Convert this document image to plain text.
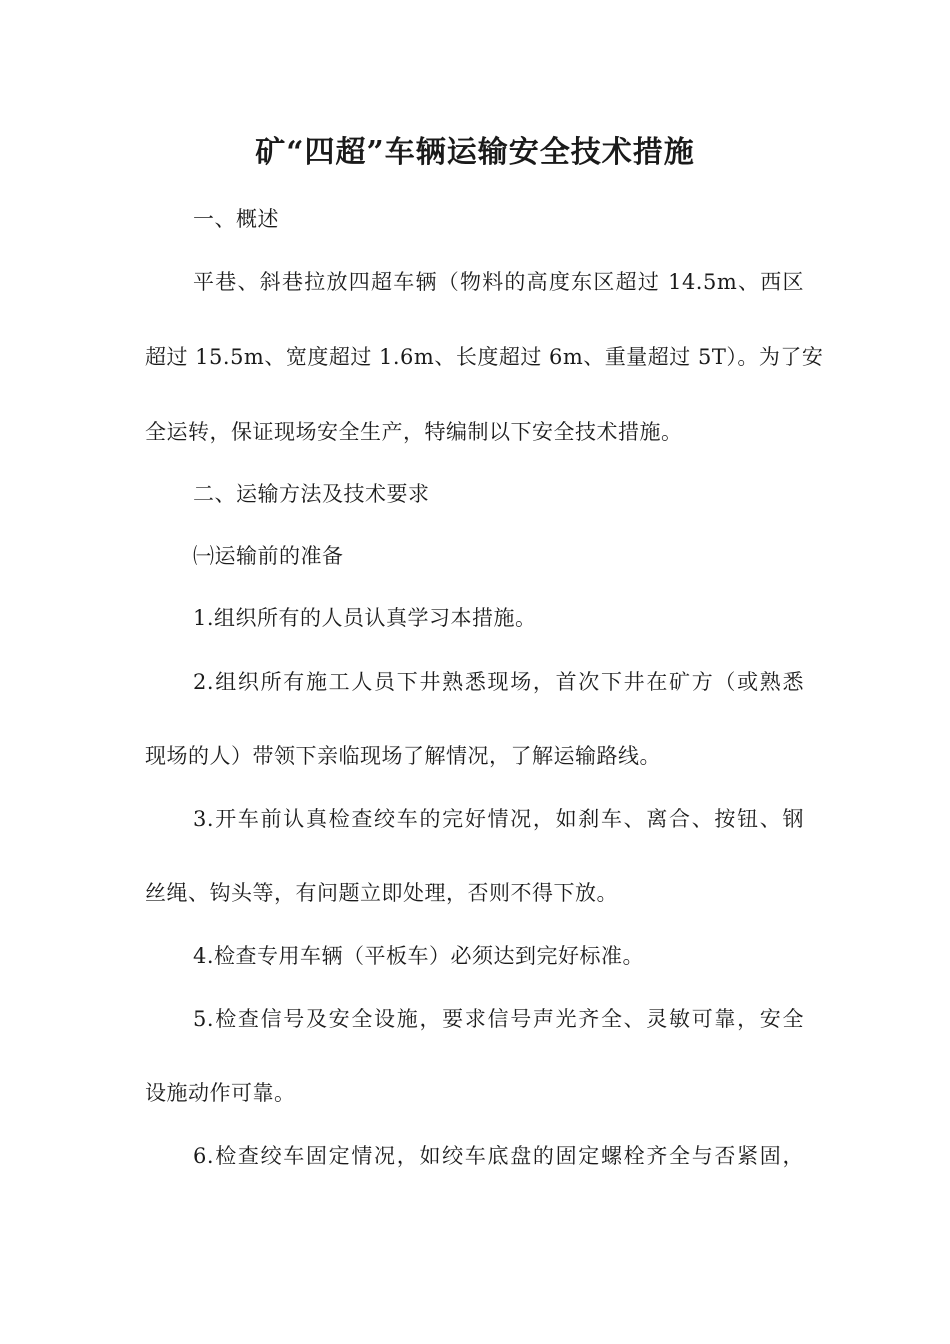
矿“四超”车辆运输安全技术措施
一、概述
平巷、斜巷拉放四超车辆（物料的高度东区超过 14.5m、西区
超过 15.5m、宽度超过 1.6m、长度超过 6m、重量超过 5T）。为了安
全运转，保证现场安全生产，特编制以下安全技术措施。
二、运输方法及技术要求
㈠运输前的准备
1.组织所有的人员认真学习本措施。
2.组织所有施工人员下井熟悉现场，首次下井在矿方（或熟悉
现场的人）带领下亲临现场了解情况，了解运输路线。
3.开车前认真检查绞车的完好情况，如刹车、离合、按钮、钢
丝绳、钩头等，有问题立即处理，否则不得下放。
4.检查专用车辆（平板车）必须达到完好标准。
5.检查信号及安全设施，要求信号声光齐全、灵敏可靠，安全
设施动作可靠。
6.检查绞车固定情况，如绞车底盘的固定螺栓齐全与否紧固，
